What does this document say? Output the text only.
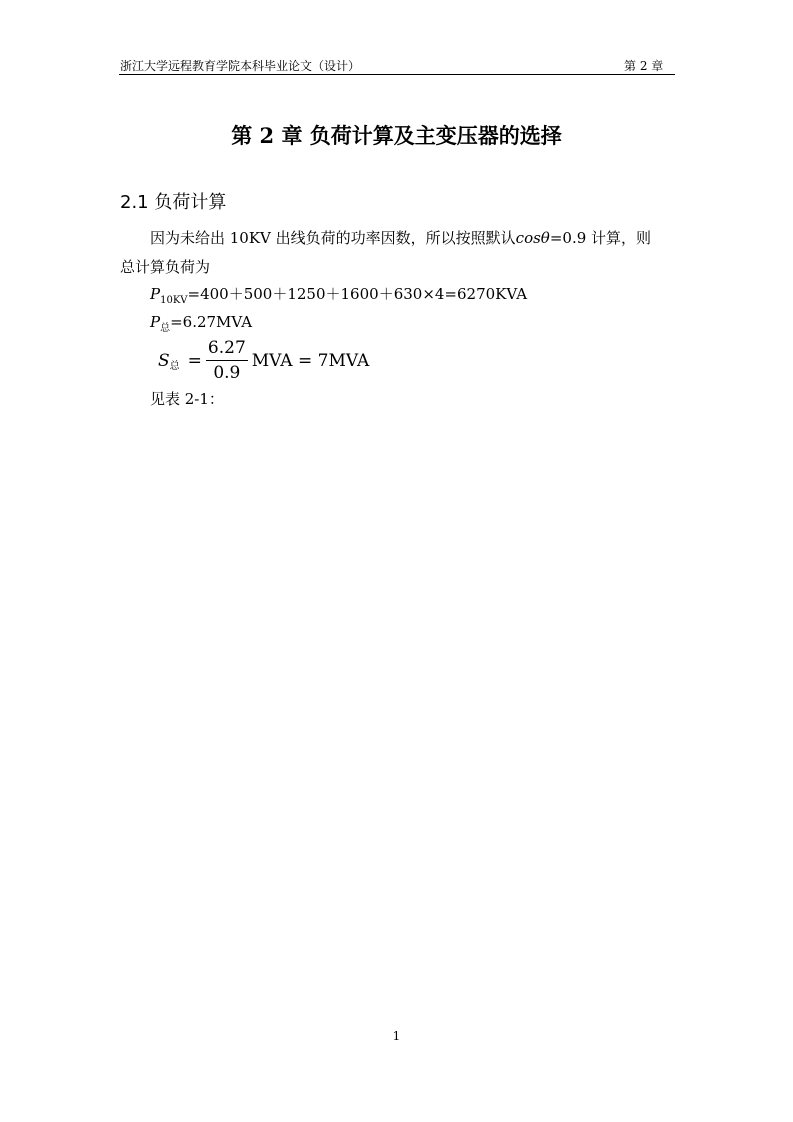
浙江大学远程教育学院本科毕业论文（设计）	第 2 章
第 2 章 负荷计算及主变压器的选择
2.1 负荷计算
因为未给出 10KV 出线负荷的功率因数，所以按照默认cosθ=0.9 计算，则
总计算负荷为
$P_{10KV}=400+500+1250+1600+630\times 4=6270KVA$
$P_总=6.27MVA$
S 总 = $\frac{6.27}{0.9}$ MVA = 7MVA
见表 2-1：
1
